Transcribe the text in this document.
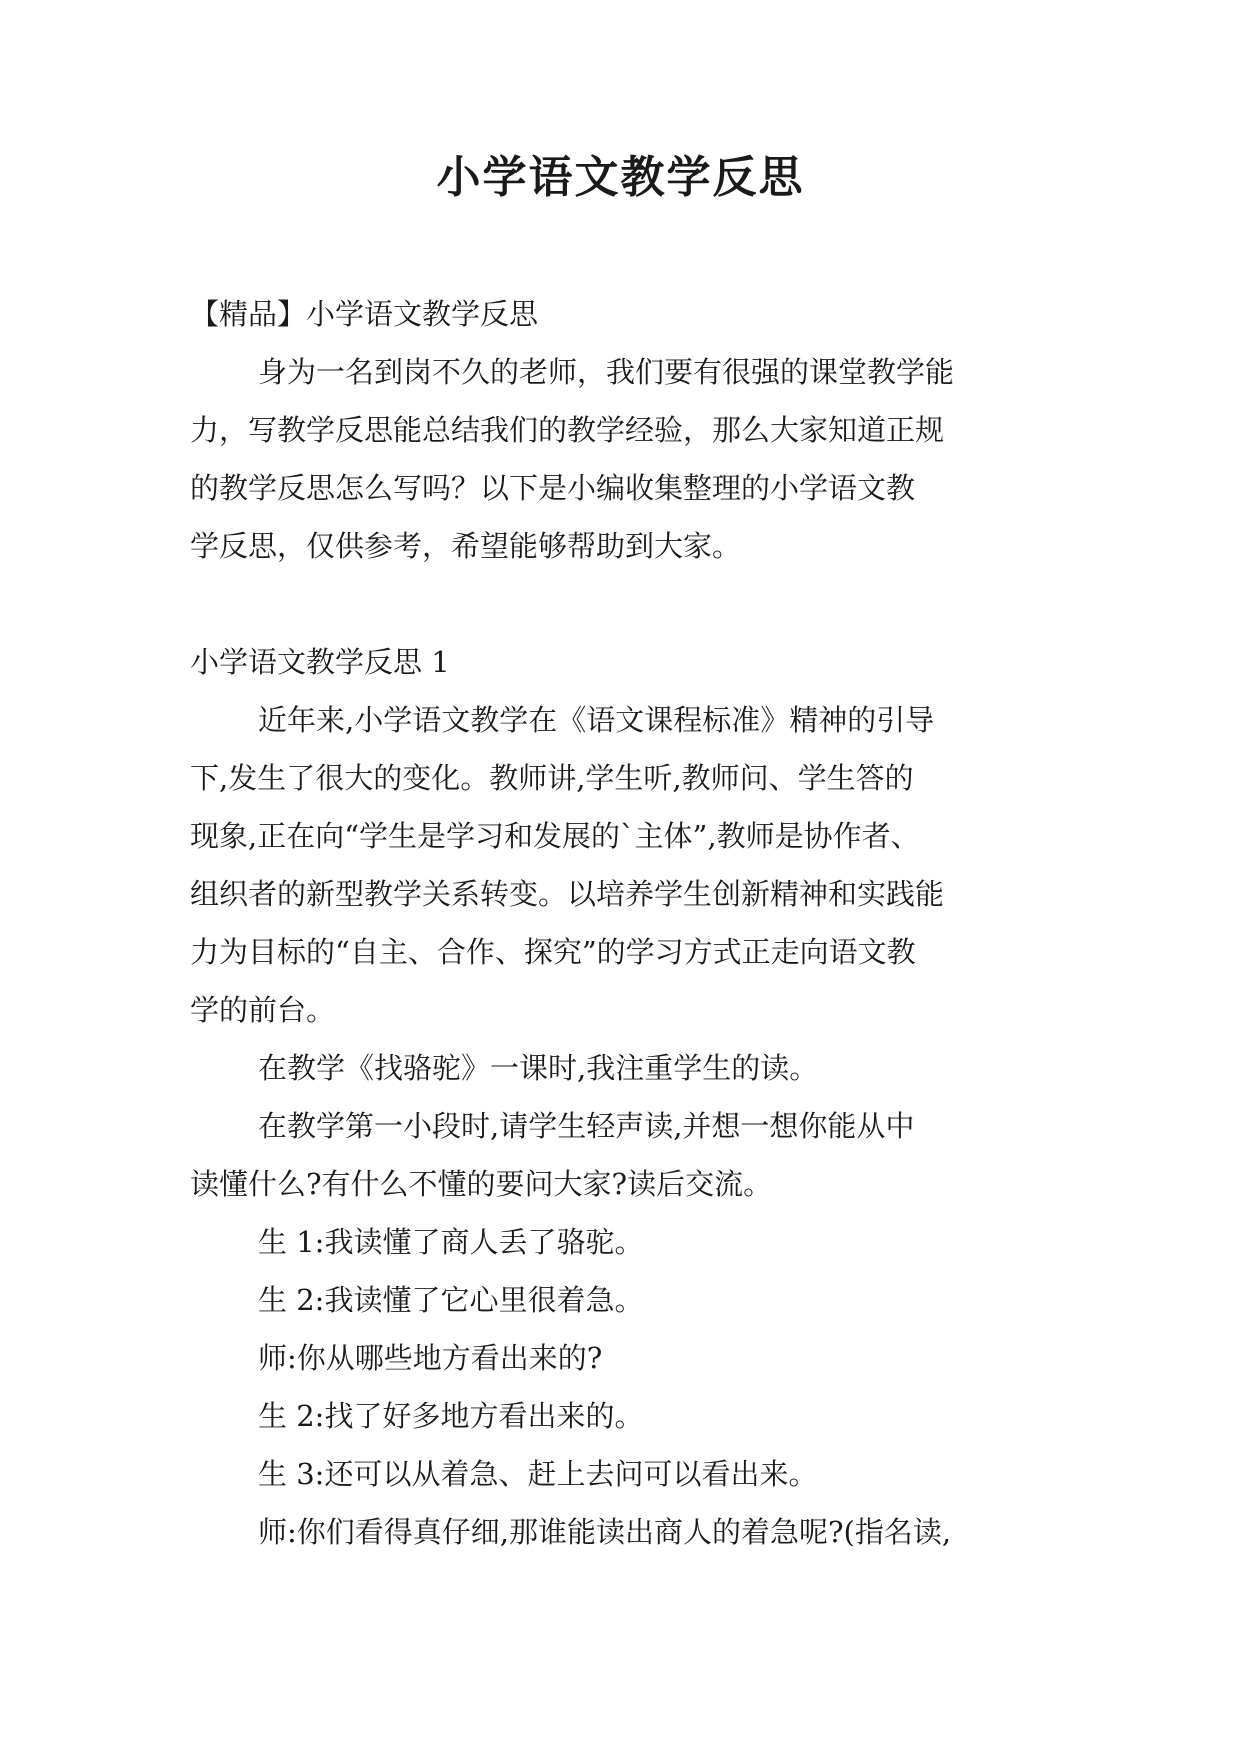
小学语文教学反思
【精品】小学语文教学反思
身为一名到岗不久的老师，我们要有很强的课堂教学能
力，写教学反思能总结我们的教学经验，那么大家知道正规
的教学反思怎么写吗？以下是小编收集整理的小学语文教
学反思，仅供参考，希望能够帮助到大家。
小学语文教学反思 1
近年来,小学语文教学在《语文课程标准》精神的引导
下,发生了很大的变化。教师讲,学生听,教师问、学生答的
现象,正在向“学生是学习和发展的`主体”,教师是协作者、
组织者的新型教学关系转变。以培养学生创新精神和实践能
力为目标的“自主、合作、探究”的学习方式正走向语文教
学的前台。
在教学《找骆驼》一课时,我注重学生的读。
在教学第一小段时,请学生轻声读,并想一想你能从中
读懂什么?有什么不懂的要问大家?读后交流。
生 1:我读懂了商人丢了骆驼。
生 2:我读懂了它心里很着急。
师:你从哪些地方看出来的?
生 2:找了好多地方看出来的。
生 3:还可以从着急、赶上去问可以看出来。
师:你们看得真仔细,那谁能读出商人的着急呢?(指名读,
